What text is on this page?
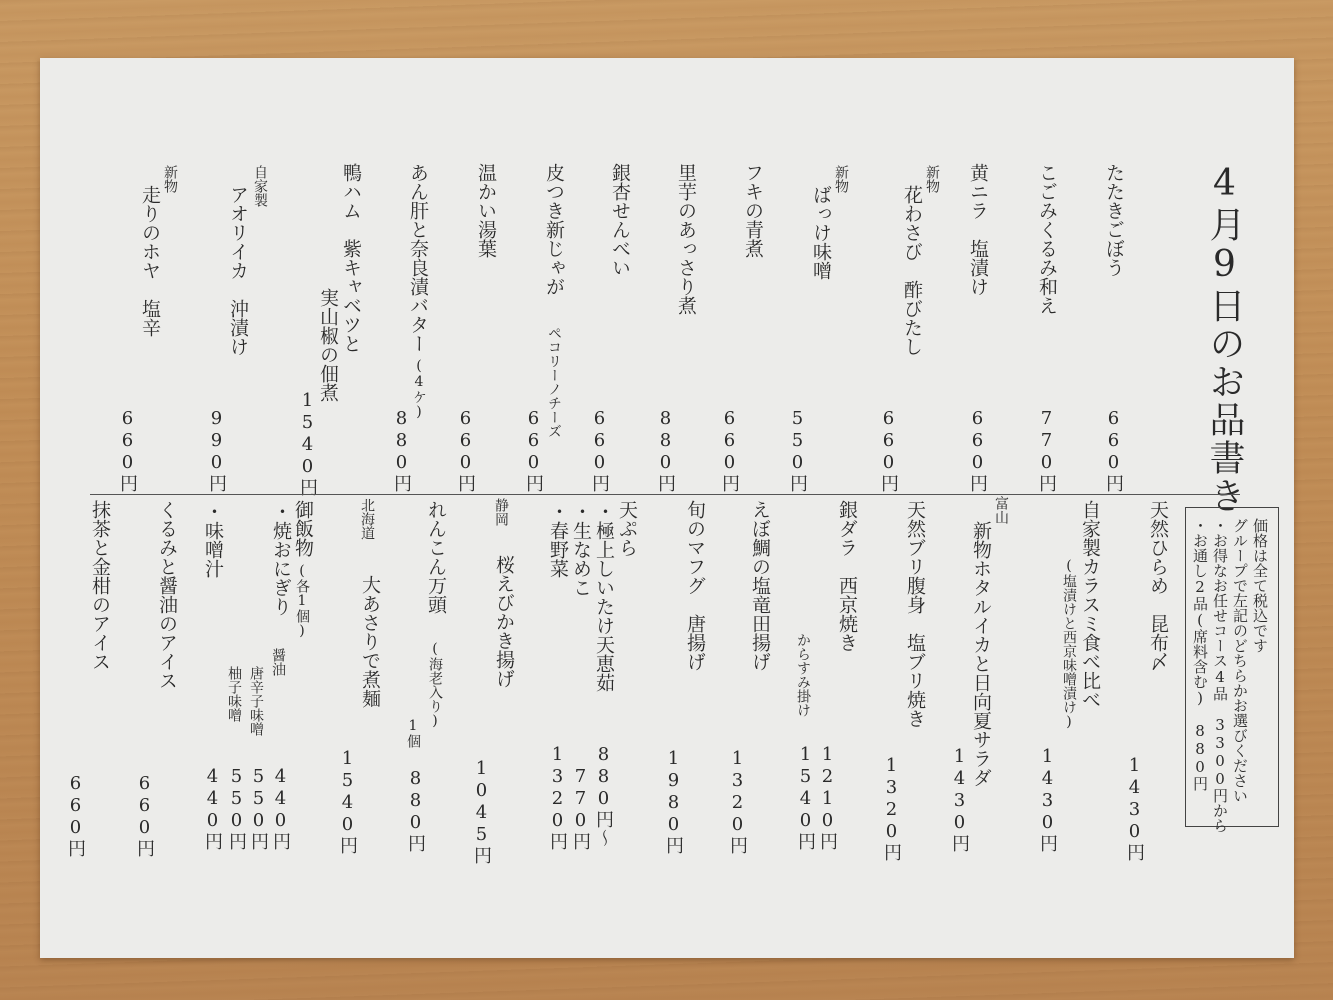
4月9日のお品書き
たたきごぼう
660円
こごみくるみ和え
770円
黄ニラ　塩漬け
660円
新物
花わさび　酢びたし
660円
新物
ばっけ味噌
550円
フキの青煮
660円
里芋のあっさり煮
880円
銀杏せんべい
660円
皮つき新じゃが
ペコリーノチーズ
660円
温かい湯葉
660円
あん肝と奈良漬バター
(4ケ)
880円
鴨ハム　紫キャベツと
実山椒の佃煮
1540円
自家製
アオリイカ　沖漬け
990円
新物
走りのホヤ　塩辛
660円
価格は全て税込です
グループで左記のどちらかお選びください
・お得なお任せコース4品　3300円から
・お通し2品(席料含む)　880円
天然ひらめ　昆布〆
1430円
自家製カラスミ食べ比べ
(塩漬けと西京味噌漬け)
1430円
富山
新物ホタルイカと日向夏サラダ
1430円
天然ブリ腹身　塩ブリ焼き
1320円
銀ダラ　西京焼き
からすみ掛け
1210円
1540円
えぼ鯛の塩竜田揚げ
1320円
旬のマフグ　唐揚げ
1980円
天ぷら
・極上しいたけ天恵茹
・生なめこ
・春野菜
880円〜
770円
1320円
静岡
桜えびかき揚げ
1045円
れんこん万頭
(海老入り)
1個
880円
北海道
大あさりで煮麺
1540円
御飯物
(各1個)
・焼おにぎり
醤油
唐辛子味噌
柚子味噌
・味噌汁
440円
550円
550円
440円
くるみと醤油のアイス
660円
抹茶と金柑のアイス
660円
